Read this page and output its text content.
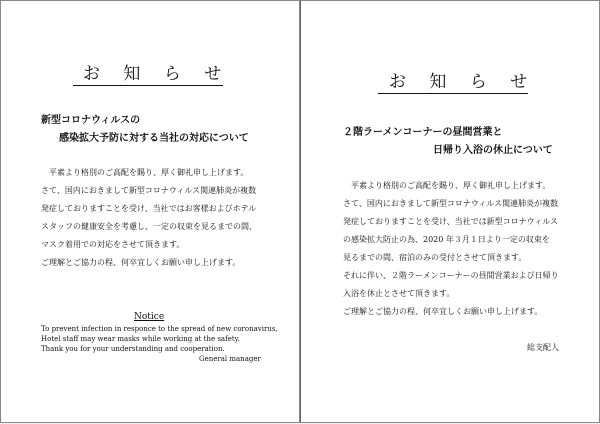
お 知 ら せ

新型コロナウィルスの

感染拡大予防に対する当社の対応について

平素より格別のご高配を賜り、厚く御礼申し上げます。

さて、国内におきまして新型コロナウィルス関連肺炎が複数

発症しておりますことを受け、当社ではお客様およびホテル

スタッフの健康安全を考慮し、一定の収束を見るまでの間、

マスク着用での対応をさせて頂きます。

ご理解とご協力の程、何卒宜しくお願い申し上げます。

Notice
To prevent infection in responce to the spread of new coronavirus,
Hotel staff may wear masks while working at the safety.
Thank you for your understanding and cooperation.
General manager
お 知 ら せ

２階ラーメンコーナーの昼間営業と

日帰り入浴の休止について

平素より格別のご高配を賜り、厚く御礼申し上げます。

さて、国内におきまして新型コロナウィルス関連肺炎が複数

発症しておりますことを受け、当社では新型コロナウィルス

の感染拡大防止の為、2020 年３月１日より一定の収束を

見るまでの間、宿泊のみの受付とさせて頂きます。

それに伴い、２階ラーメンコーナーの昼間営業および日帰り

入浴を休止とさせて頂きます。

ご理解とご協力の程、何卒宜しくお願い申し上げます。

総支配人
